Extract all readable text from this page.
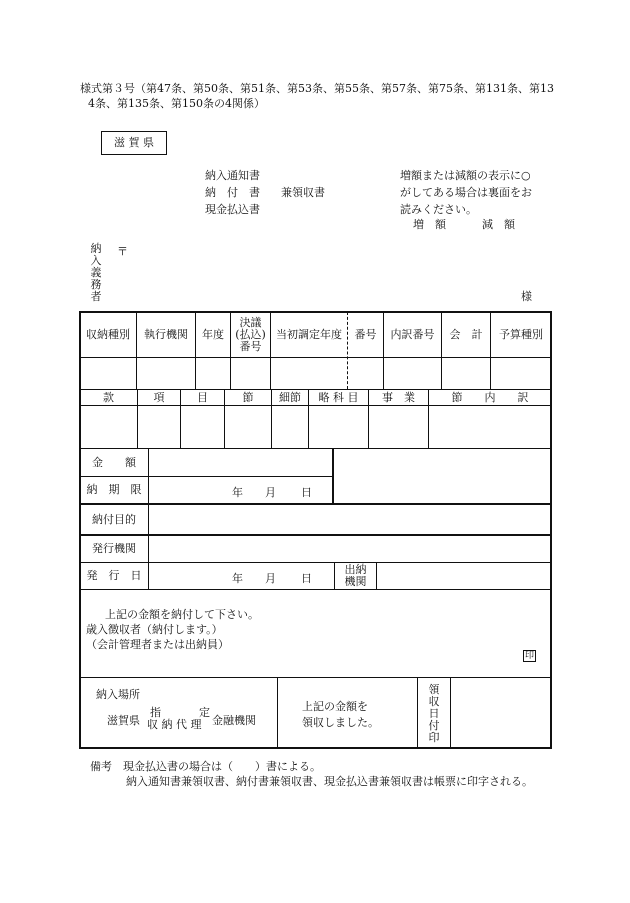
様式第３号（第47条、第50条、第51条、第53条、第55条、第57条、第75条、第131条、第13
4条、第135条、第150条の4関係）
滋 賀 県
納入通知書
納　付　書
現金払込書
兼領収書
増額または減額の表示に○
がしてある場合は裏面をお
読みください。
増　額	減　額
納入義務者
〒
様
収納種別	執行機関	年度
決議
(払込)
番号
当初調定年度	番号	内訳番号	会　計	予算種別
款	項	目	節	細節	略 科 目	事　業	節　　内　　訳
金　　額
納　期　限	年 月 日
納付目的
発行機関
発　行　日	年 月 日
出納
機関
上記の金額を納付して下さい。
歳入徴収者（納付します。）
（会計管理者または出納員）
印
納入場所
滋賀県
指	定
収 納 代 理 金融機関
上記の金額を
領収しました。
領収日付印
備考　現金払込書の場合は（　　）書による。
納入通知書兼領収書、納付書兼領収書、現金払込書兼領収書は帳票に印字される。
